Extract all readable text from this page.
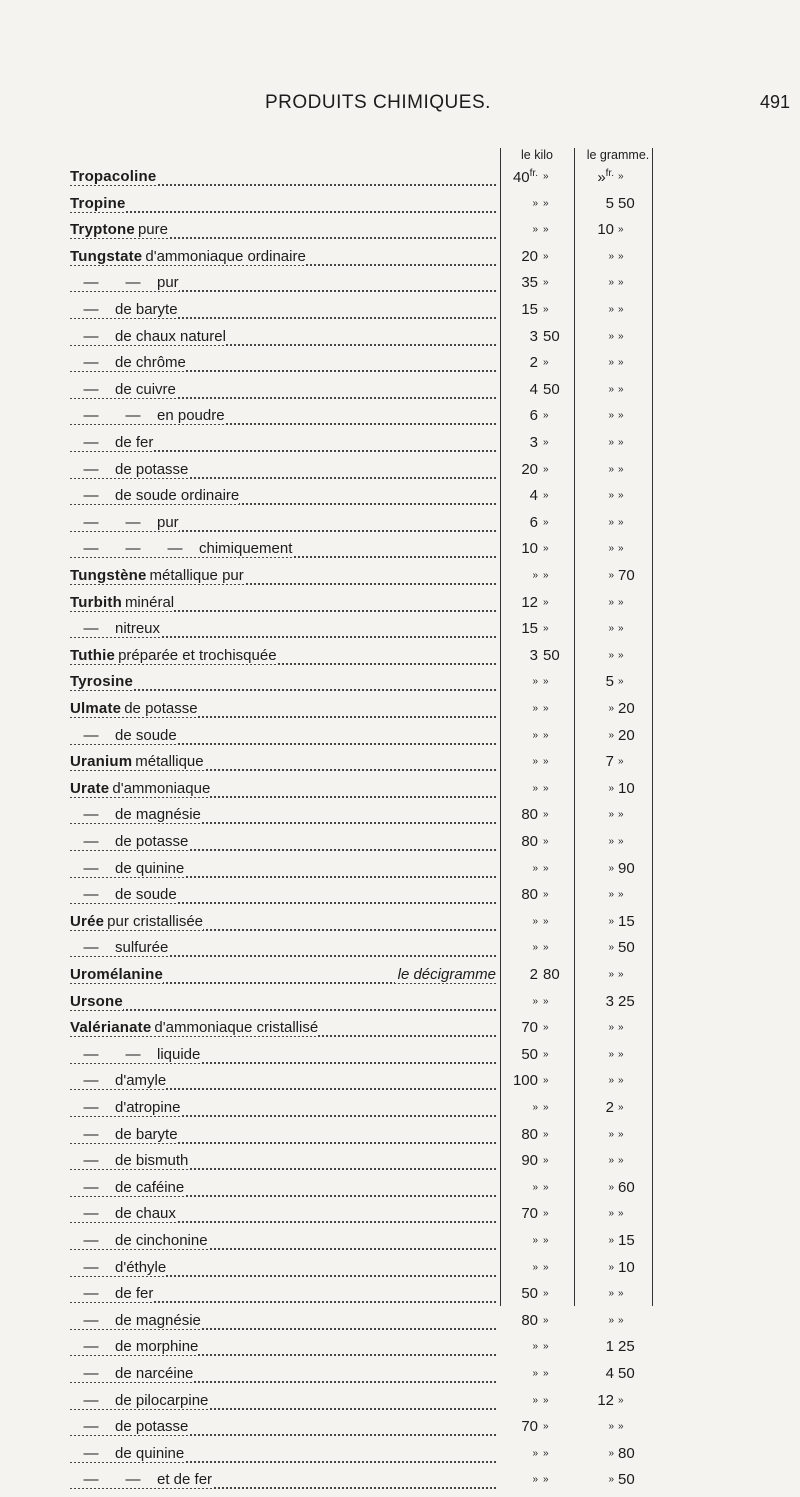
PRODUITS CHIMIQUES.	491
le kilo	le gramme.
Tropacoline	$40^{fr.}$ »	»$^{fr.}$ »
Tropine	» »	5 50
Tryptone pure	» »	10 »
Tungstate d'ammoniaque ordinaire	20 »	» »
— — pur	35 »	» »
— de baryte	15 »	» »
— de chaux naturel	3 50	» »
— de chrôme	2 »	» »
— de cuivre	4 50	» »
— — en poudre	6 »	» »
— de fer	3 »	» »
— de potasse	20 »	» »
— de soude ordinaire	4 »	» »
— — pur	6 »	» »
— — — chimiquement	10 »	» »
Tungstène métallique pur	» »	» 70
Turbith minéral	12 »	» »
— nitreux	15 »	» »
Tuthie préparée et trochisquée	3 50	» »
Tyrosine	» »	5 »
Ulmate de potasse	» »	» 20
— de soude	» »	» 20
Uranium métallique	» »	7 »
Urate d'ammoniaque	» »	» 10
— de magnésie	80 »	» »
— de potasse	80 »	» »
— de quinine	» »	» 90
— de soude	80 »	» »
Urée pur cristallisée	» »	» 15
— sulfurée	» »	» 50
Uromélanine	le décigramme	2 80	» »
Ursone	» »	3 25
Valérianate d'ammoniaque cristallisé	70 »	» »
— — liquide	50 »	» »
— d'amyle	100 »	» »
— d'atropine	» »	2 »
— de baryte	80 »	» »
— de bismuth	90 »	» »
— de caféine	» »	» 60
— de chaux	70 »	» »
— de cinchonine	» »	» 15
— d'éthyle	» »	» 10
— de fer	50 »	» »
— de magnésie	80 »	» »
— de morphine	» »	1 25
— de narcéine	» »	4 50
— de pilocarpine	» »	12 »
— de potasse	70 »	» »
— de quinine	» »	» 80
— — et de fer	» »	» 50
